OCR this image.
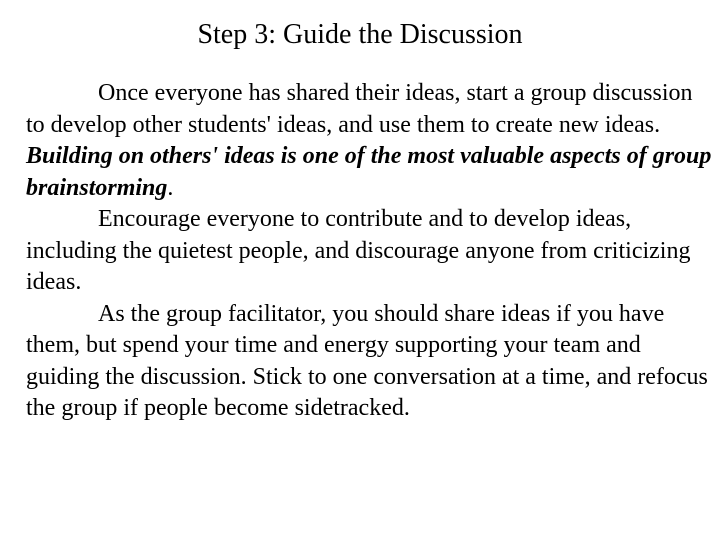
Step 3: Guide the Discussion

Once everyone has shared their ideas, start a group discussion to develop other students' ideas, and use them to create new ideas. Building on others' ideas is one of the most valuable aspects of group brainstorming.

Encourage everyone to contribute and to develop ideas, including the quietest people, and discourage anyone from criticizing ideas.

As the group facilitator, you should share ideas if you have them, but spend your time and energy supporting your team and guiding the discussion. Stick to one conversation at a time, and refocus the group if people become sidetracked.
